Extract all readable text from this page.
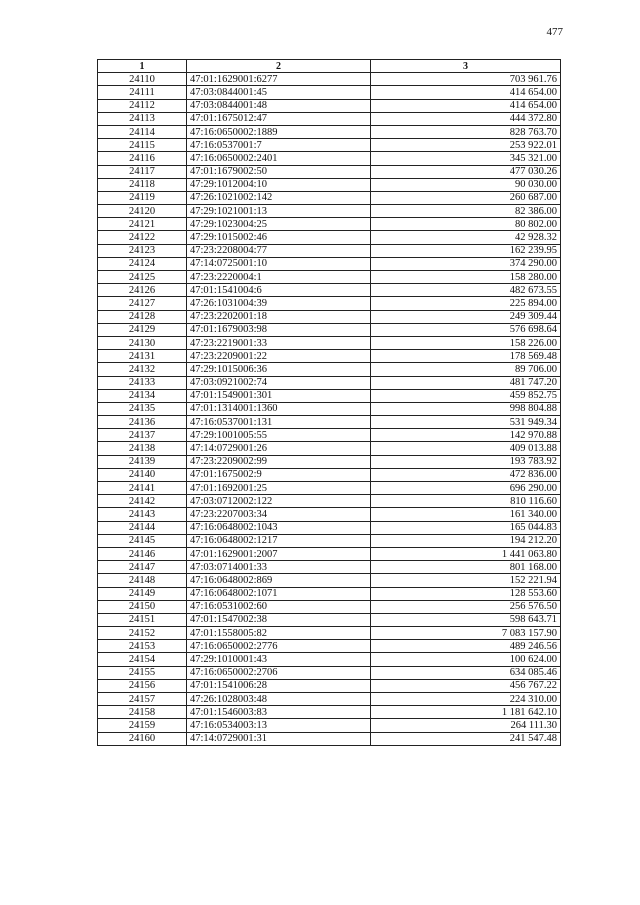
477
1	2	3
24110	47:01:1629001:6277	703 961.76
24111	47:03:0844001:45	414 654.00
24112	47:03:0844001:48	414 654.00
24113	47:01:1675012:47	444 372.80
24114	47:16:0650002:1889	828 763.70
24115	47:16:0537001:7	253 922.01
24116	47:16:0650002:2401	345 321.00
24117	47:01:1679002:50	477 030.26
24118	47:29:1012004:10	90 030.00
24119	47:26:1021002:142	260 687.00
24120	47:29:1021001:13	82 386.00
24121	47:29:1023004:25	80 802.00
24122	47:29:1015002:46	42 928.32
24123	47:23:2208004:77	162 239.95
24124	47:14:0725001:10	374 290.00
24125	47:23:2220004:1	158 280.00
24126	47:01:1541004:6	482 673.55
24127	47:26:1031004:39	225 894.00
24128	47:23:2202001:18	249 309.44
24129	47:01:1679003:98	576 698.64
24130	47:23:2219001:33	158 226.00
24131	47:23:2209001:22	178 569.48
24132	47:29:1015006:36	89 706.00
24133	47:03:0921002:74	481 747.20
24134	47:01:1549001:301	459 852.75
24135	47:01:1314001:1360	998 804.88
24136	47:16:0537001:131	531 949.34
24137	47:29:1001005:55	142 970.88
24138	47:14:0729001:26	409 013.88
24139	47:23:2209002:99	193 783.92
24140	47:01:1675002:9	472 836.00
24141	47:01:1692001:25	696 290.00
24142	47:03:0712002:122	810 116.60
24143	47:23:2207003:34	161 340.00
24144	47:16:0648002:1043	165 044.83
24145	47:16:0648002:1217	194 212.20
24146	47:01:1629001:2007	1 441 063.80
24147	47:03:0714001:33	801 168.00
24148	47:16:0648002:869	152 221.94
24149	47:16:0648002:1071	128 553.60
24150	47:16:0531002:60	256 576.50
24151	47:01:1547002:38	598 643.71
24152	47:01:1558005:82	7 083 157.90
24153	47:16:0650002:2776	489 246.56
24154	47:29:1010001:43	100 624.00
24155	47:16:0650002:2706	634 085.46
24156	47:01:1541006:28	456 767.22
24157	47:26:1028003:48	224 310.00
24158	47:01:1546003:83	1 181 642.10
24159	47:16:0534003:13	264 111.30
24160	47:14:0729001:31	241 547.48
